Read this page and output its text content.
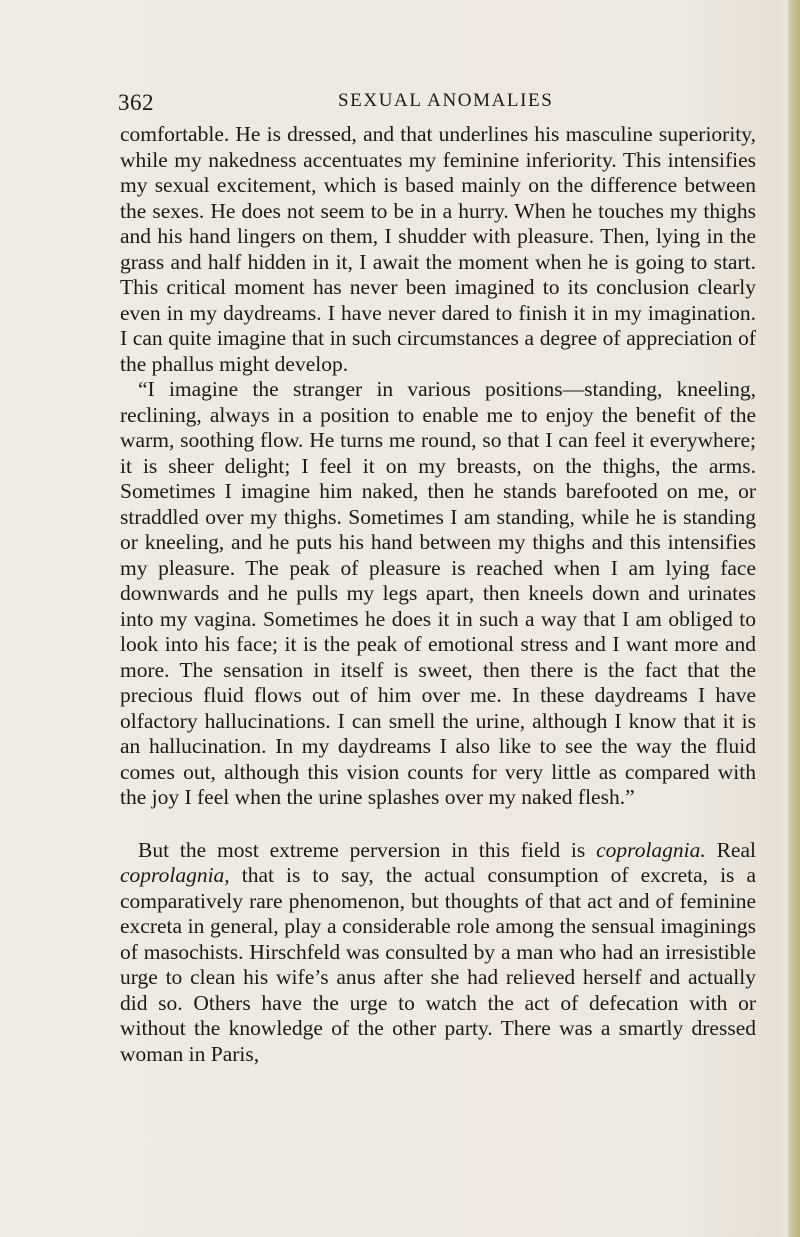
362	SEXUAL ANOMALIES

comfortable. He is dressed, and that underlines his masculine superiority, while my nakedness accentuates my feminine inferiority. This intensifies my sexual excitement, which is based mainly on the difference between the sexes. He does not seem to be in a hurry. When he touches my thighs and his hand lingers on them, I shudder with pleasure. Then, lying in the grass and half hidden in it, I await the moment when he is going to start. This critical moment has never been imagined to its conclusion clearly even in my daydreams. I have never dared to finish it in my imagination. I can quite imagine that in such circumstances a degree of appreciation of the phallus might develop.

“I imagine the stranger in various positions—standing, kneeling, reclining, always in a position to enable me to enjoy the benefit of the warm, soothing flow. He turns me round, so that I can feel it everywhere; it is sheer delight; I feel it on my breasts, on the thighs, the arms. Sometimes I imagine him naked, then he stands barefooted on me, or straddled over my thighs. Sometimes I am standing, while he is standing or kneeling, and he puts his hand between my thighs and this intensifies my pleasure. The peak of pleasure is reached when I am lying face downwards and he pulls my legs apart, then kneels down and urinates into my vagina. Sometimes he does it in such a way that I am obliged to look into his face; it is the peak of emotional stress and I want more and more. The sensation in itself is sweet, then there is the fact that the precious fluid flows out of him over me. In these daydreams I have olfactory hallucinations. I can smell the urine, although I know that it is an hallucination. In my daydreams I also like to see the way the fluid comes out, although this vision counts for very little as compared with the joy I feel when the urine splashes over my naked flesh.”

But the most extreme perversion in this field is coprolagnia. Real coprolagnia, that is to say, the actual consumption of excreta, is a comparatively rare phenomenon, but thoughts of that act and of feminine excreta in general, play a considerable role among the sensual imaginings of masochists. Hirschfeld was consulted by a man who had an irresistible urge to clean his wife’s anus after she had relieved herself and actually did so. Others have the urge to watch the act of defecation with or without the knowledge of the other party. There was a smartly dressed woman in Paris,
